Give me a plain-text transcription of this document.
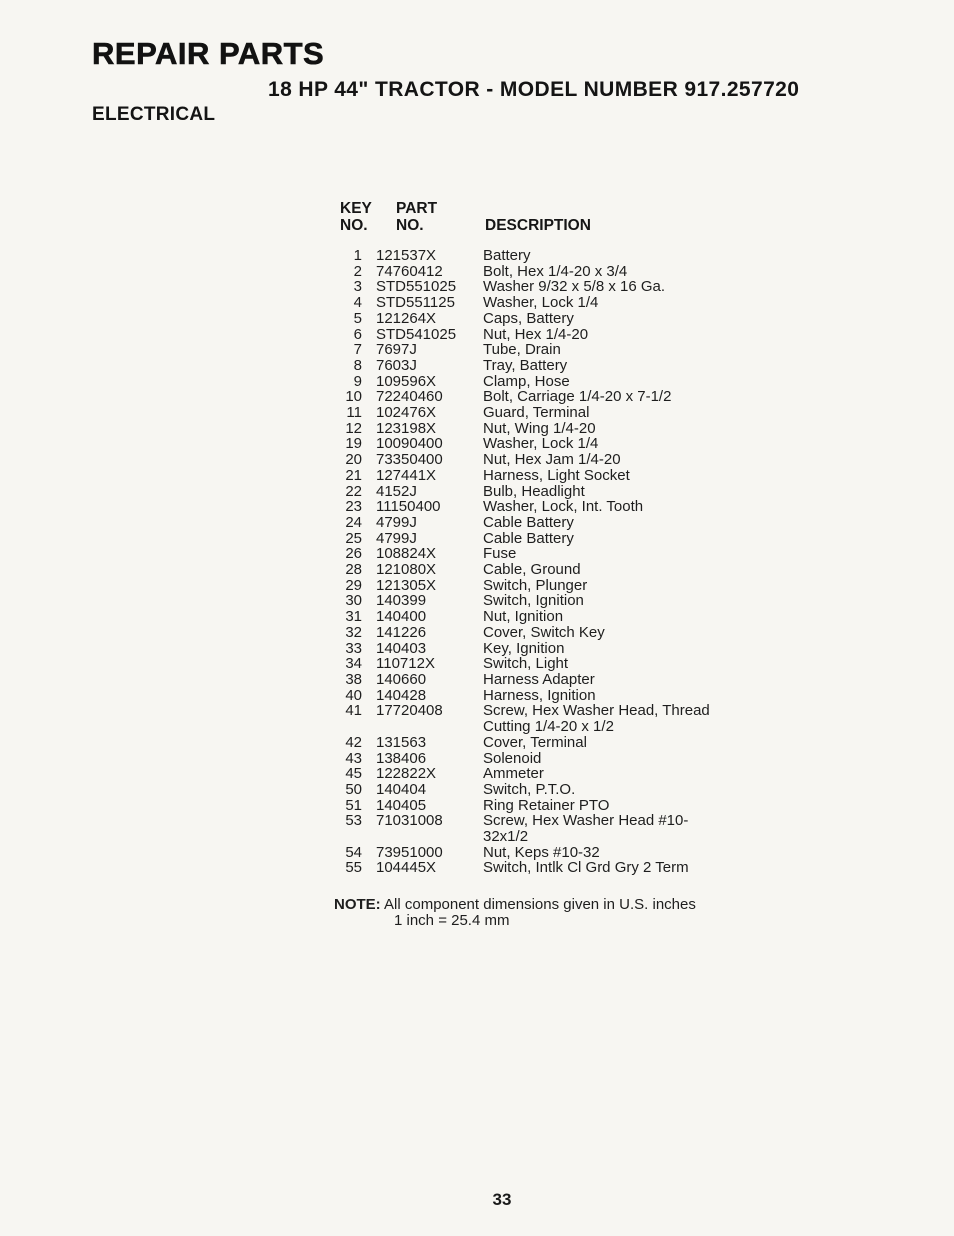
REPAIR PARTS
18 HP 44" TRACTOR - MODEL NUMBER 917.257720
ELECTRICAL
KEY
NO.
PART
NO.	DESCRIPTION
1	121537X	Battery
2	74760412	Bolt, Hex 1/4-20 x 3/4
3	STD551025	Washer 9/32 x 5/8 x 16 Ga.
4	STD551125	Washer, Lock 1/4
5	121264X	Caps, Battery
6	STD541025	Nut, Hex 1/4-20
7	7697J	Tube, Drain
8	7603J	Tray, Battery
9	109596X	Clamp, Hose
10	72240460	Bolt, Carriage 1/4-20 x 7-1/2
11	102476X	Guard, Terminal
12	123198X	Nut, Wing 1/4-20
19	10090400	Washer, Lock 1/4
20	73350400	Nut, Hex Jam 1/4-20
21	127441X	Harness, Light Socket
22	4152J	Bulb, Headlight
23	11150400	Washer, Lock, Int. Tooth
24	4799J	Cable Battery
25	4799J	Cable Battery
26	108824X	Fuse
28	121080X	Cable, Ground
29	121305X	Switch, Plunger
30	140399	Switch, Ignition
31	140400	Nut, Ignition
32	141226	Cover, Switch Key
33	140403	Key, Ignition
34	110712X	Switch, Light
38	140660	Harness Adapter
40	140428	Harness, Ignition
41	17720408	Screw, Hex Washer Head, Thread Cutting 1/4-20 x 1/2
42	131563	Cover, Terminal
43	138406	Solenoid
45	122822X	Ammeter
50	140404	Switch, P.T.O.
51	140405	Ring Retainer PTO
53	71031008	Screw, Hex Washer Head #10-32x1/2
54	73951000	Nut, Keps #10-32
55	104445X	Switch, Intlk Cl Grd Gry 2 Term
NOTE: All component dimensions given in U.S. inches
1 inch = 25.4 mm
33
